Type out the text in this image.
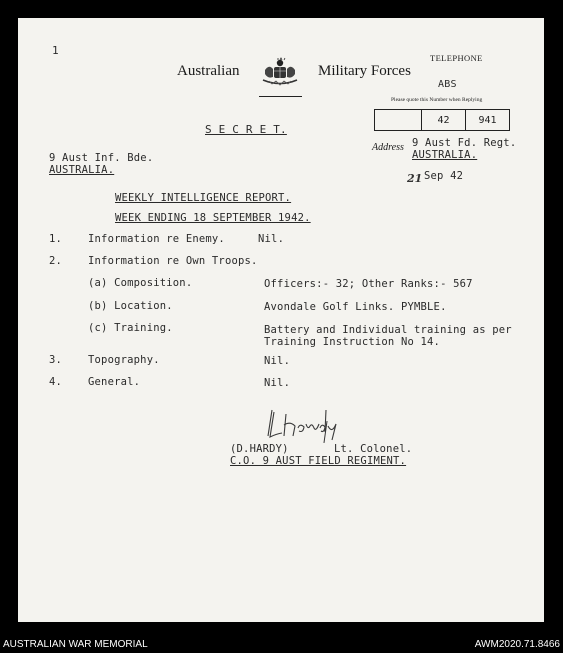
1
Australian	Military Forces
TELEPHONE
ABS
Please quote this Number when Replying
42	941
Address 9 Aust Fd. Regt.
AUSTRALIA.
S E C R E T.
9 Aust Inf. Bde.
AUSTRALIA.
21 Sep 42
WEEKLY INTELLIGENCE REPORT.
WEEK ENDING 18 SEPTEMBER 1942.
1. Information re Enemy.	Nil.
2. Information re Own Troops.
(a) Composition.	Officers:- 32; Other Ranks:- 567
(b) Location.	Avondale Golf Links. PYMBLE.
(c) Training.	Battery and Individual training as per
Training Instruction No 14.
3. Topography.	Nil.
4. General.	Nil.
(D.HARDY)	Lt. Colonel.
C.O. 9 AUST FIELD REGIMENT.
AUSTRALIAN WAR MEMORIAL	AWM2020.71.8466
